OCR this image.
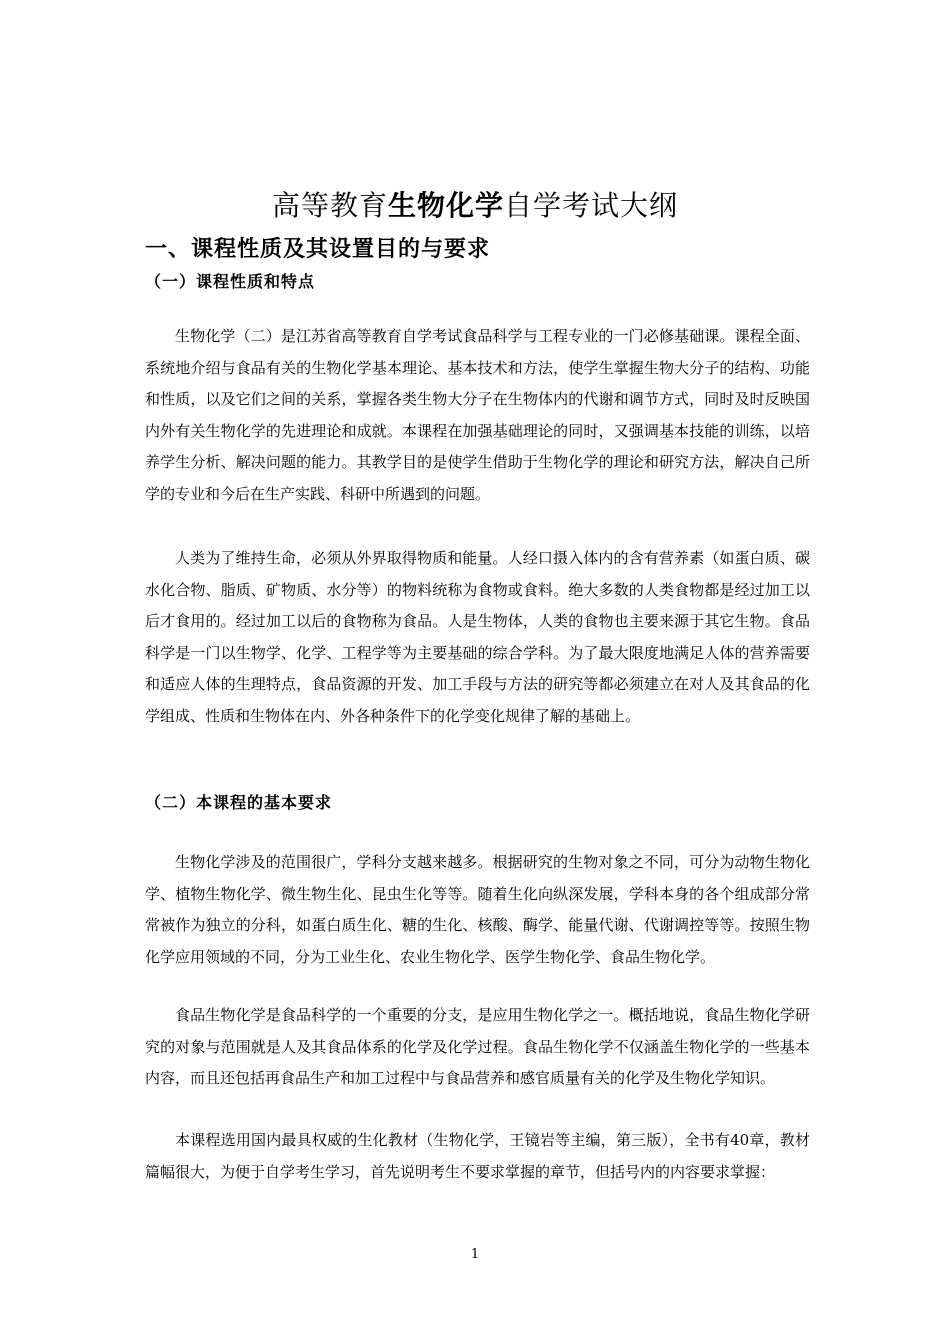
高等教育生物化学自学考试大纲
一、课程性质及其设置目的与要求
（一）课程性质和特点

生物化学（二）是江苏省高等教育自学考试食品科学与工程专业的一门必修基础课。课程全面、系统地介绍与食品有关的生物化学基本理论、基本技术和方法，使学生掌握生物大分子的结构、功能和性质，以及它们之间的关系，掌握各类生物大分子在生物体内的代谢和调节方式，同时及时反映国内外有关生物化学的先进理论和成就。本课程在加强基础理论的同时，又强调基本技能的训练，以培养学生分析、解决问题的能力。其教学目的是使学生借助于生物化学的理论和研究方法，解决自己所学的专业和今后在生产实践、科研中所遇到的问题。

人类为了维持生命，必须从外界取得物质和能量。人经口摄入体内的含有营养素（如蛋白质、碳水化合物、脂质、矿物质、水分等）的物料统称为食物或食料。绝大多数的人类食物都是经过加工以后才食用的。经过加工以后的食物称为食品。人是生物体，人类的食物也主要来源于其它生物。食品科学是一门以生物学、化学、工程学等为主要基础的综合学科。为了最大限度地满足人体的营养需要和适应人体的生理特点，食品资源的开发、加工手段与方法的研究等都必须建立在对人及其食品的化学组成、性质和生物体在内、外各种条件下的化学变化规律了解的基础上。

（二）本课程的基本要求

生物化学涉及的范围很广，学科分支越来越多。根据研究的生物对象之不同，可分为动物生物化学、植物生物化学、微生物生化、昆虫生化等等。随着生化向纵深发展，学科本身的各个组成部分常常被作为独立的分科，如蛋白质生化、糖的生化、核酸、酶学、能量代谢、代谢调控等等。按照生物化学应用领域的不同，分为工业生化、农业生物化学、医学生物化学、食品生物化学。

食品生物化学是食品科学的一个重要的分支，是应用生物化学之一。概括地说，食品生物化学研究的对象与范围就是人及其食品体系的化学及化学过程。食品生物化学不仅涵盖生物化学的一些基本内容，而且还包括再食品生产和加工过程中与食品营养和感官质量有关的化学及生物化学知识。

本课程选用国内最具权威的生化教材（生物化学，王镜岩等主编，第三版），全书有40章，教材篇幅很大，为便于自学考生学习，首先说明考生不要求掌握的章节，但括号内的内容要求掌握：

1
